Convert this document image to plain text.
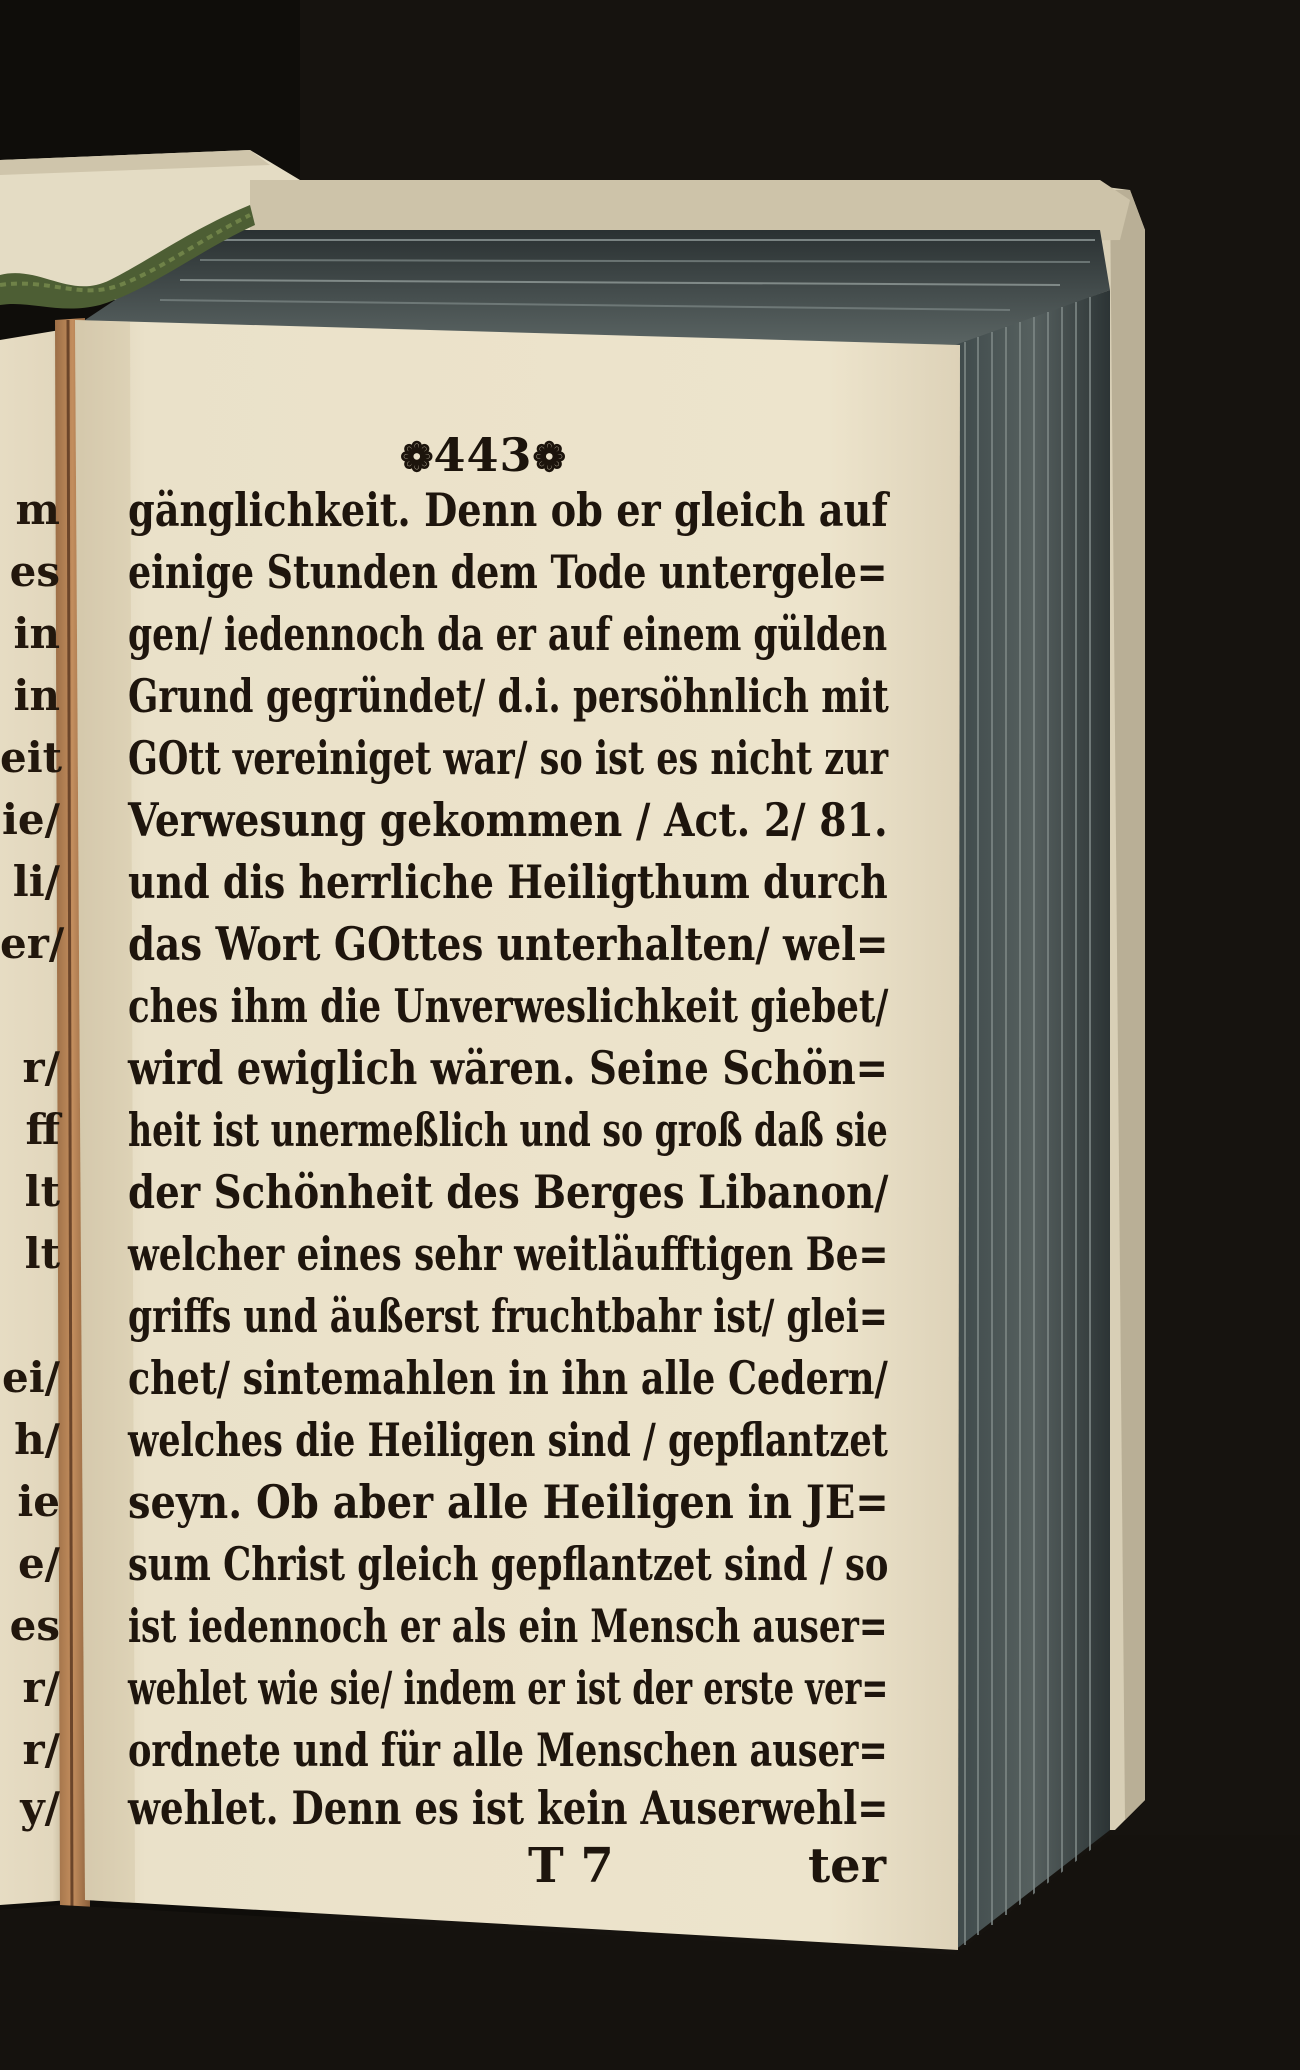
❁443❁
gänglichkeit. Denn ob er gleich auf
einige Stunden dem Tode untergele=
gen/ iedennoch da er auf einem gülden
Grund gegründet/ d.i. persöhnlich mit
GOtt vereiniget war/ so ist es nicht zur
Verwesung gekommen / Act. 2/ 81.
und dis herrliche Heiligthum durch
das Wort GOttes unterhalten/ wel=
ches ihm die Unverweslichkeit giebet/
wird ewiglich wären. Seine Schön=
heit ist unermeßlich und so groß daß sie
der Schönheit des Berges Libanon/
welcher eines sehr weitläufftigen Be=
griffs und äußerst fruchtbahr ist/ glei=
chet/ sintemahlen in ihn alle Cedern/
welches die Heiligen sind / gepflantzet
seyn. Ob aber alle Heiligen in JE=
sum Christ gleich gepflantzet sind / so
ist iedennoch er als ein Mensch auser=
wehlet wie sie/ indem er ist der erste ver=
ordnete und für alle Menschen auser=
wehlet. Denn es ist kein Auserwehl=
T 7	ter
m
es
in
in
eit
ie/
li/
er/
r/
ff
lt
lt
ei/
h/
ie
e/
es
r/
r/
y/
